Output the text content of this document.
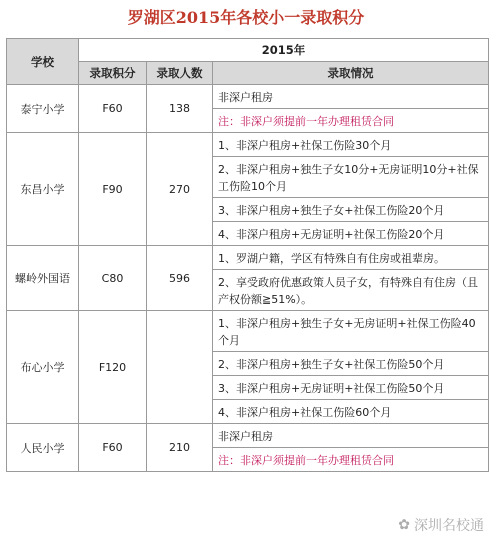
罗湖区2015年各校小一录取积分
学校	2015年		
	录取积分	录取人数	录取情况
泰宁小学	F60	138	非深户租房
			注：非深户须提前一年办理租赁合同
东昌小学	F90	270	1、非深户租房+社保工伤险30个月
			2、非深户租房+独生子女10分+无房证明10分+社保工伤险10个月
			3、非深户租房+独生子女+社保工伤险20个月
			4、非深户租房+无房证明+社保工伤险20个月
螺岭外国语	C80	596	1、罗湖户籍，学区有特殊自有住房或祖辈房。
			2、享受政府优惠政策人员子女，有特殊自有住房（且产权份额≧51%）。
布心小学	F120		1、非深户租房+独生子女+无房证明+社保工伤险40个月
			2、非深户租房+独生子女+社保工伤险50个月
			3、非深户租房+无房证明+社保工伤险50个月
			4、非深户租房+社保工伤险60个月
人民小学	F60	210	非深户租房
			注：非深户须提前一年办理租赁合同
✿ 深圳名校通
